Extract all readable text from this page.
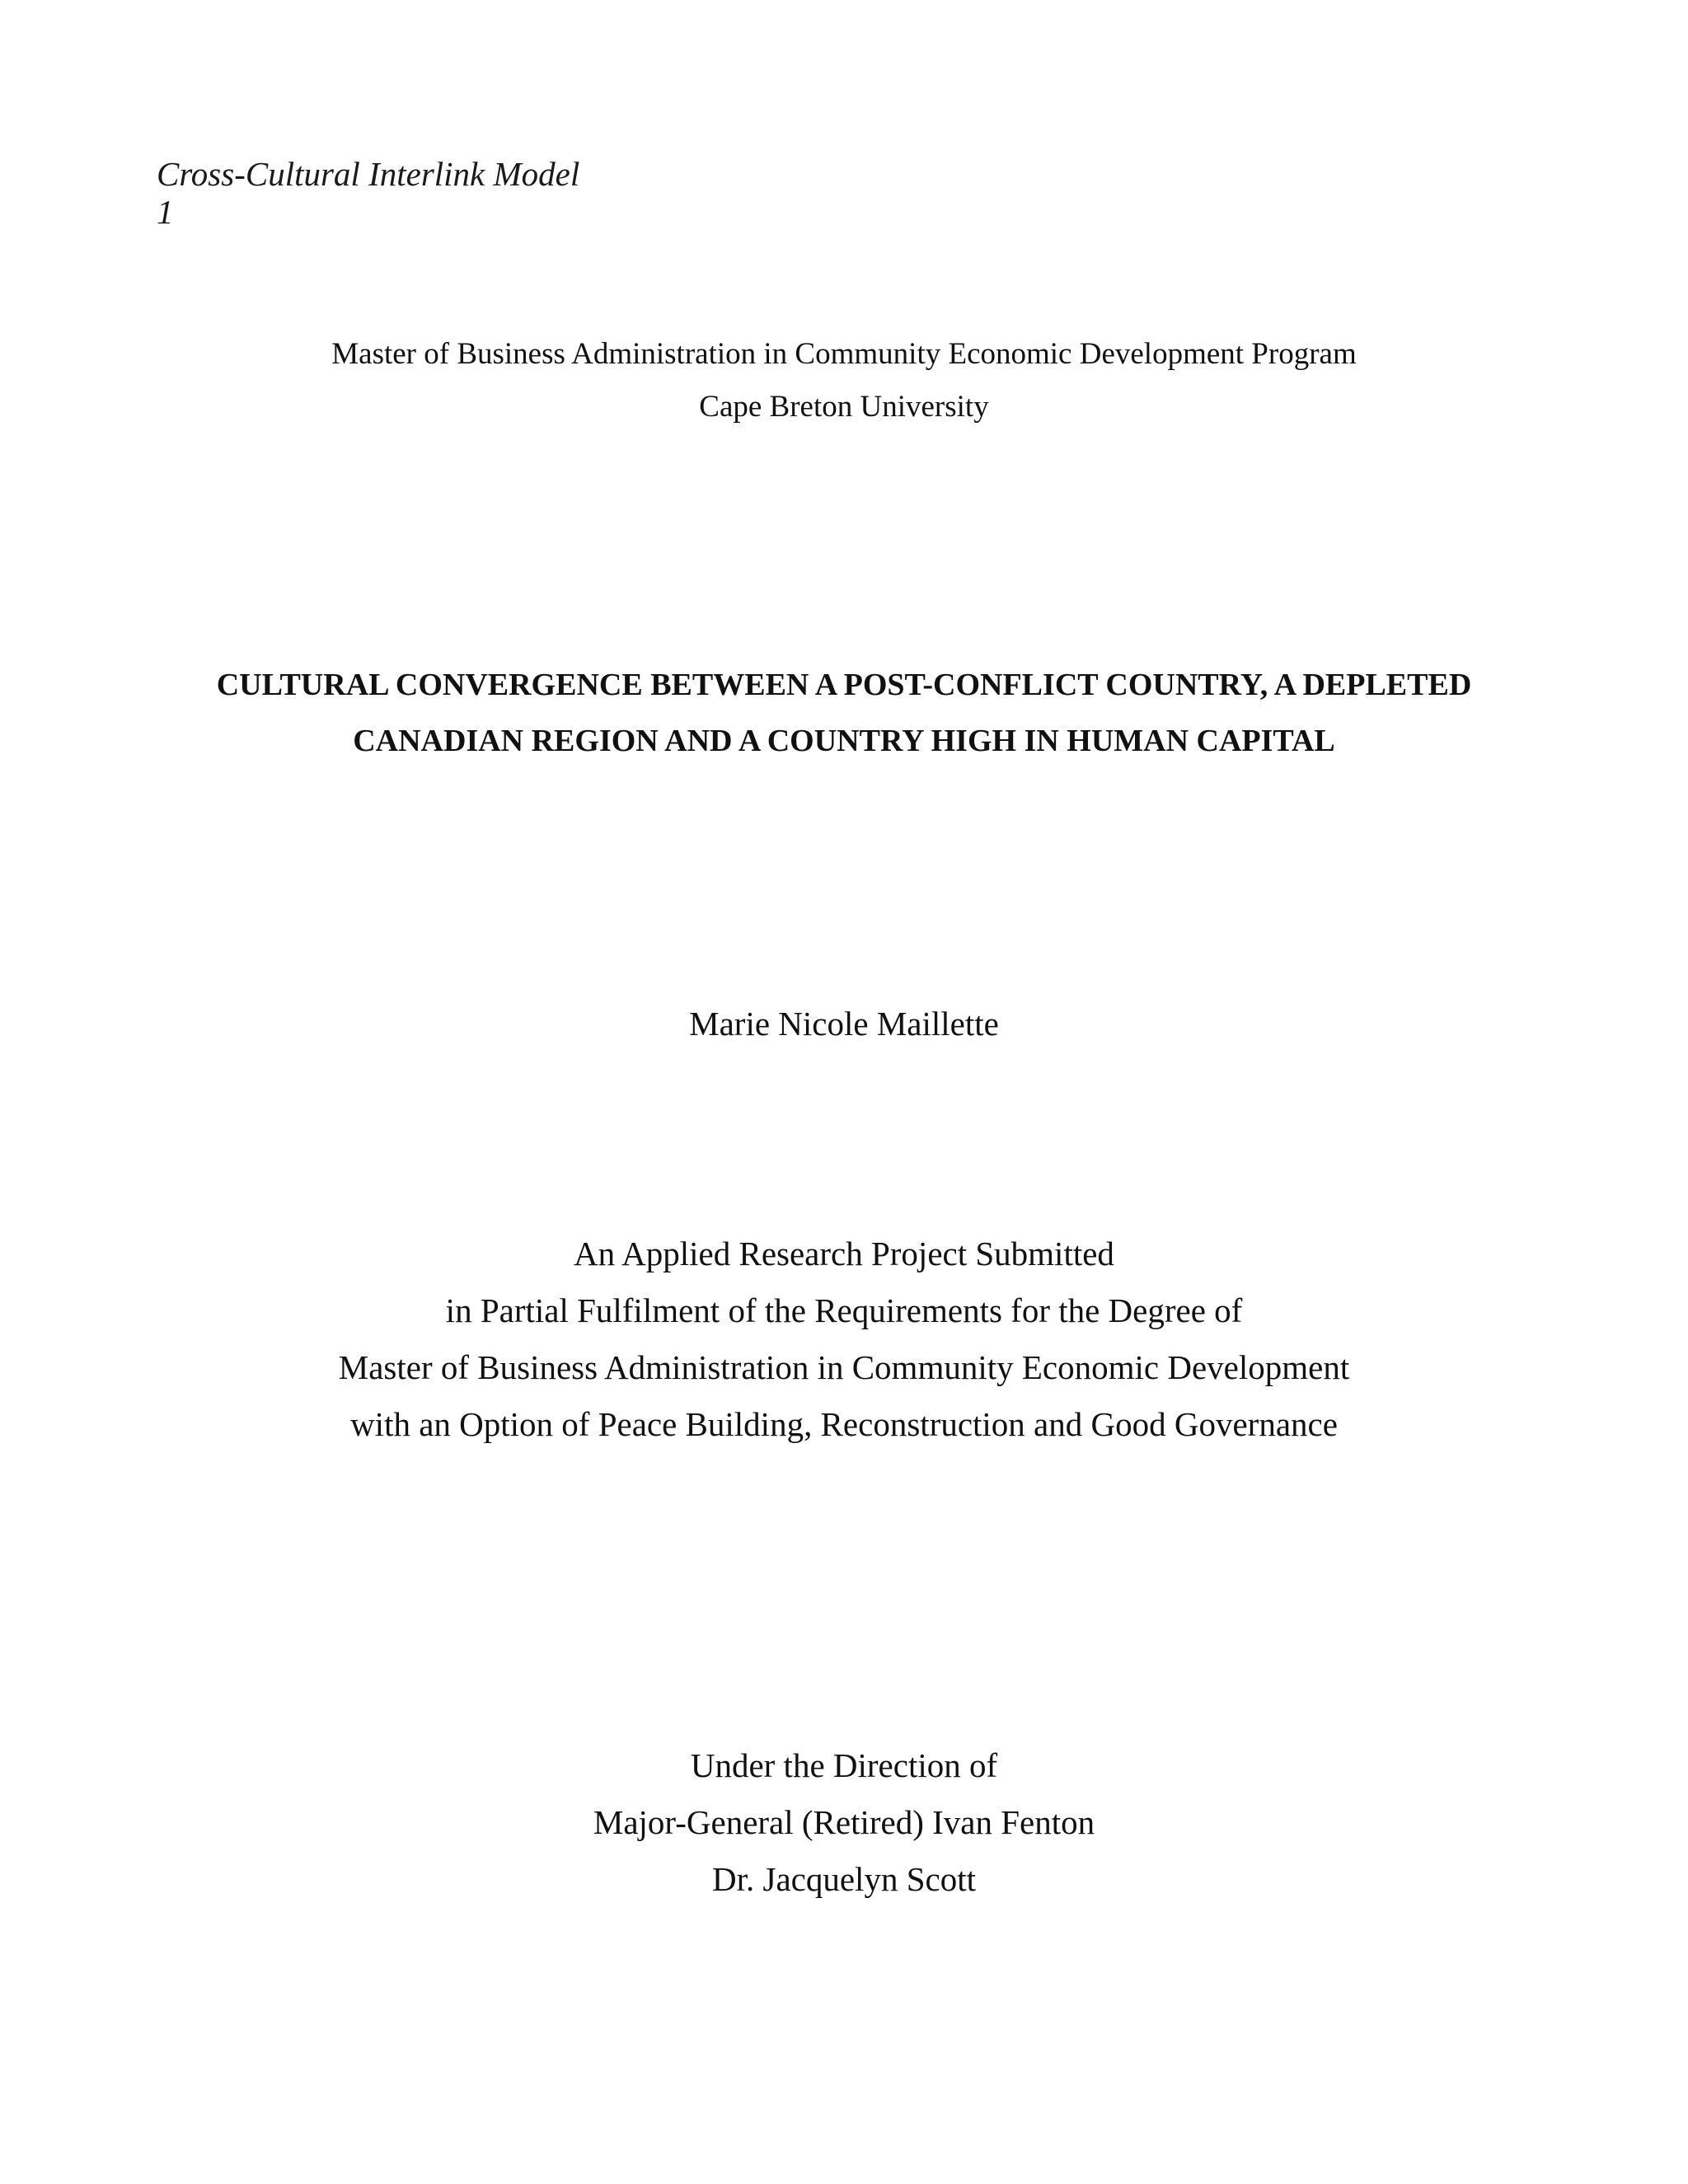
Cross-Cultural Interlink Model
1
Master of Business Administration in Community Economic Development Program
Cape Breton University
CULTURAL CONVERGENCE BETWEEN A POST-CONFLICT COUNTRY, A DEPLETED
CANADIAN REGION AND A COUNTRY HIGH IN HUMAN CAPITAL
Marie Nicole Maillette
An Applied Research Project Submitted
in Partial Fulfilment of the Requirements for the Degree of
Master of Business Administration in Community Economic Development
with an Option of Peace Building, Reconstruction and Good Governance
Under the Direction of
Major-General (Retired) Ivan Fenton
Dr. Jacquelyn Scott
